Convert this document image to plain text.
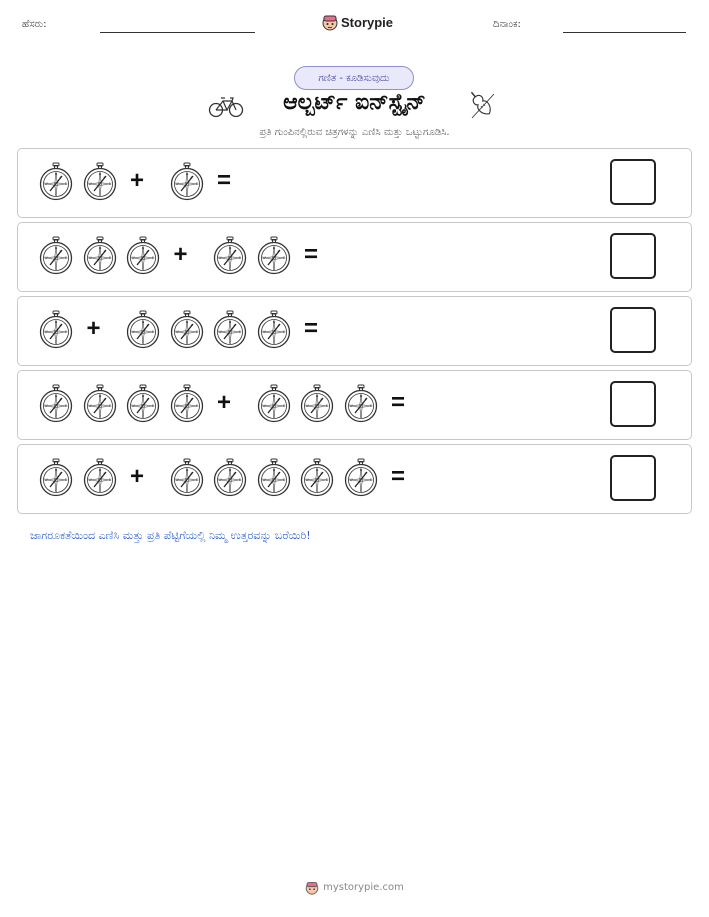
ಹೆಸರು:	Storypie	ದಿನಾಂಕ:
ಗಣಿತ - ಕೂಡಿಸುವುದು
ಆಲ್ಬರ್ಟ್ ಐನ್‌ಸ್ಟೈನ್
ಪ್ರತಿ ಗುಂಪಿನಲ್ಲಿರುವ ಚಿತ್ರಗಳನ್ನು ಎಣಿಸಿ ಮತ್ತು ಒಟ್ಟುಗೂಡಿಸಿ.
N
S
W	E
N
S
W	E +	N
S
W	E =
N
S
W	E
N
S
W	E
N
S
W	E +	N
S
W	E
N
S
W	E =
N
S
W	E +	N
S
W	E
N
S
W	E
N
S
W	E
N
S
W	E =
N
S
W	E
N
S
W	E
N
S
W	E
N
S
W	E +	N
S
W	E
N
S
W	E
N
S
W	E =
N
S
W	E
N
S
W	E +	N
S
W	E
N
S
W	E
N
S
W	E
N
S
W	E
N
S
W	E =
ಜಾಗರೂಕತೆಯಿಂದ ಎಣಿಸಿ ಮತ್ತು ಪ್ರತಿ ಪೆಟ್ಟಿಗೆಯಲ್ಲಿ ನಿಮ್ಮ ಉತ್ತರವನ್ನು ಬರೆಯಿರಿ!
mystorypie.com
